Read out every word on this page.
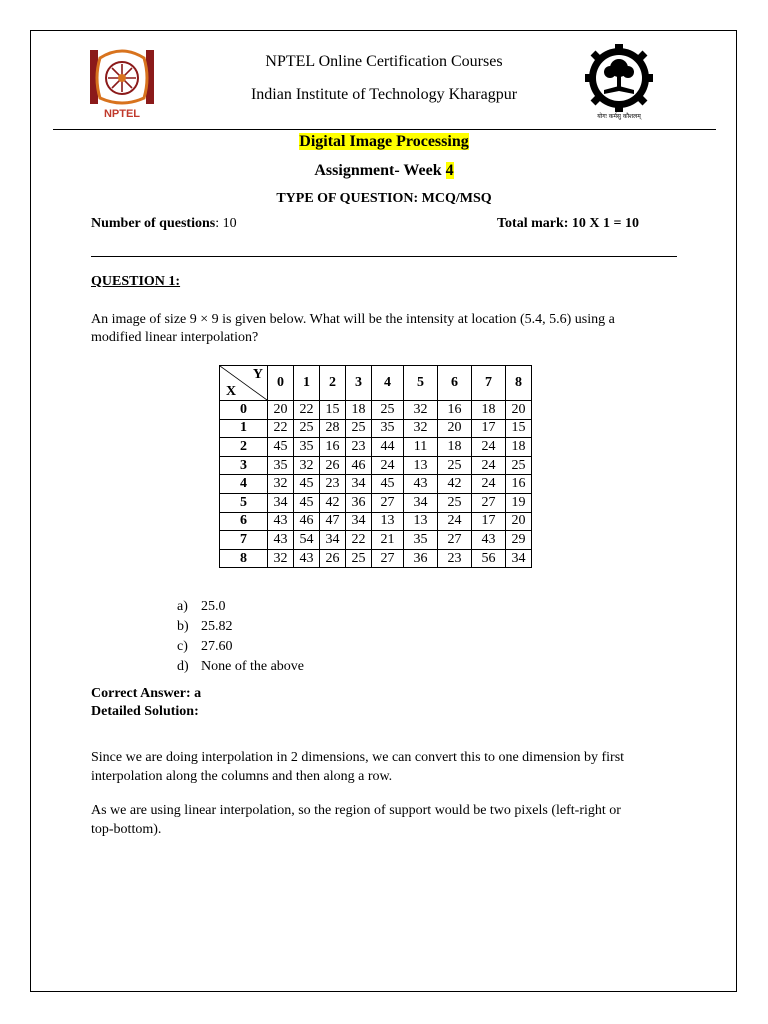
NPTEL	योगः कर्मसु कौशलम्
NPTEL Online Certification Courses
Indian Institute of Technology Kharagpur
Digital Image Processing
Assignment- Week 4
TYPE OF QUESTION: MCQ/MSQ
Number of questions: 10	Total mark: 10 X 1 = 10
QUESTION 1:
An image of size 9 × 9 is given below. What will be the intensity at location (5.4, 5.6) using a
modified linear interpolation?
Y
X	0	1	2	3	4	5	6	7	8
0	20	22	15	18	25	32	16	18	20
1	22	25	28	25	35	32	20	17	15
2	45	35	16	23	44	11	18	24	18
3	35	32	26	46	24	13	25	24	25
4	32	45	23	34	45	43	42	24	16
5	34	45	42	36	27	34	25	27	19
6	43	46	47	34	13	13	24	17	20
7	43	54	34	22	21	35	27	43	29
8	32	43	26	25	27	36	23	56	34
a) 25.0
b) 25.82
c) 27.60
d) None of the above
Correct Answer: a
Detailed Solution:
Since we are doing interpolation in 2 dimensions, we can convert this to one dimension by first
interpolation along the columns and then along a row.
As we are using linear interpolation, so the region of support would be two pixels (left-right or
top-bottom).
